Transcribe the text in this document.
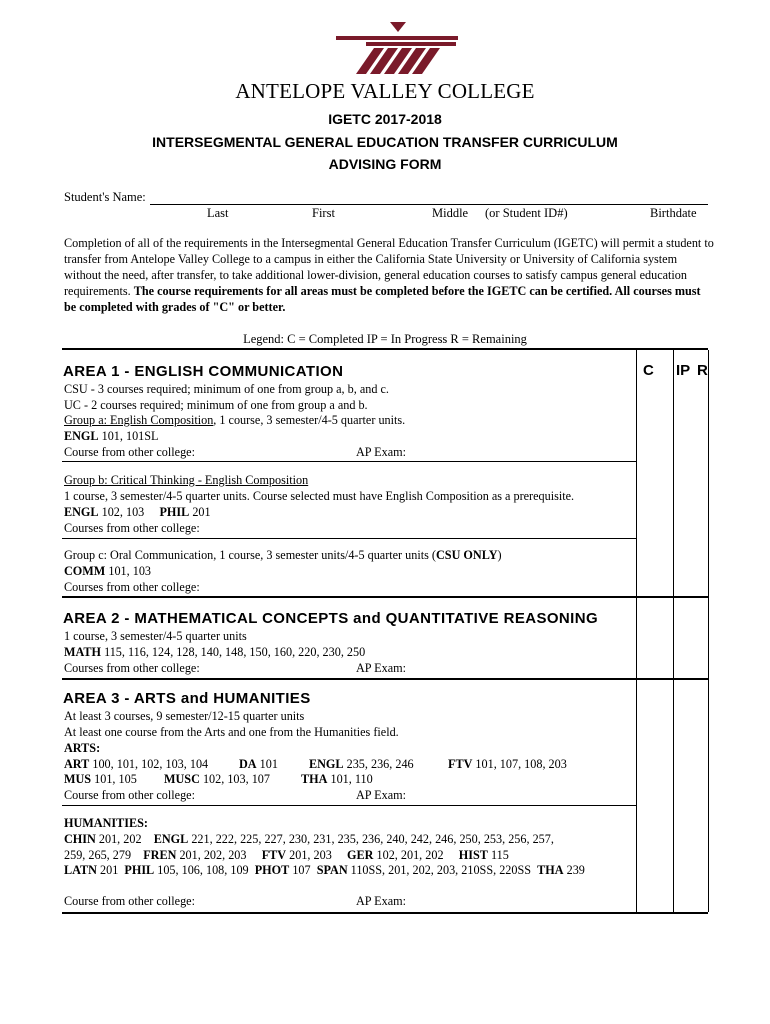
ANTELOPE VALLEY COLLEGE
IGETC 2017-2018
INTERSEGMENTAL GENERAL EDUCATION TRANSFER CURRICULUM
ADVISING FORM
Student's Name:
Last	First	Middle (or Student ID#)	Birthdate
Completion of all of the requirements in the Intersegmental General Education Transfer Curriculum (IGETC) will permit a student to transfer from Antelope Valley College to a campus in either the California State University or University of California system without the need, after transfer, to take additional lower-division, general education courses to satisfy campus general education requirements. The course requirements for all areas must be completed before the IGETC can be certified. All courses must be completed with grades of "C" or better.
Legend: C = Completed IP = In Progress R = Remaining
C IP R
AREA 1 - ENGLISH COMMUNICATION
CSU - 3 courses required; minimum of one from group a, b, and c.
UC - 2 courses required; minimum of one from group a and b.
Group a: English Composition, 1 course, 3 semester/4-5 quarter units.
ENGL 101, 101SL
Course from other college:	AP Exam:
Group b: Critical Thinking - English Composition
1 course, 3 semester/4-5 quarter units. Course selected must have English Composition as a prerequisite.
ENGL 102, 103     PHIL 201
Courses from other college:
Group c: Oral Communication, 1 course, 3 semester units/4-5 quarter units (CSU ONLY)
COMM 101, 103
Courses from other college:
AREA 2 - MATHEMATICAL CONCEPTS and QUANTITATIVE REASONING
1 course, 3 semester/4-5 quarter units
MATH 115, 116, 124, 128, 140, 148, 150, 160, 220, 230, 250
Courses from other college:	AP Exam:
AREA 3 - ARTS and HUMANITIES
At least 3 courses, 9 semester/12-15 quarter units
At least one course from the Arts and one from the Humanities field.
ARTS:
ART 100, 101, 102, 103, 104	DA 101	ENGL 235, 236, 246	FTV 101, 107, 108, 203
MUS 101, 105 MUSC 102, 103, 107	THA 101, 110
Course from other college:	AP Exam:
HUMANITIES:
CHIN 201, 202    ENGL 221, 222, 225, 227, 230, 231, 235, 236, 240, 242, 246, 250, 253, 256, 257,
259, 265, 279    FREN 201, 202, 203     FTV 201, 203     GER 102, 201, 202     HIST 115
LATN 201  PHIL 105, 106, 108, 109  PHOT 107  SPAN 110SS, 201, 202, 203, 210SS, 220SS  THA 239
Course from other college:	AP Exam:
